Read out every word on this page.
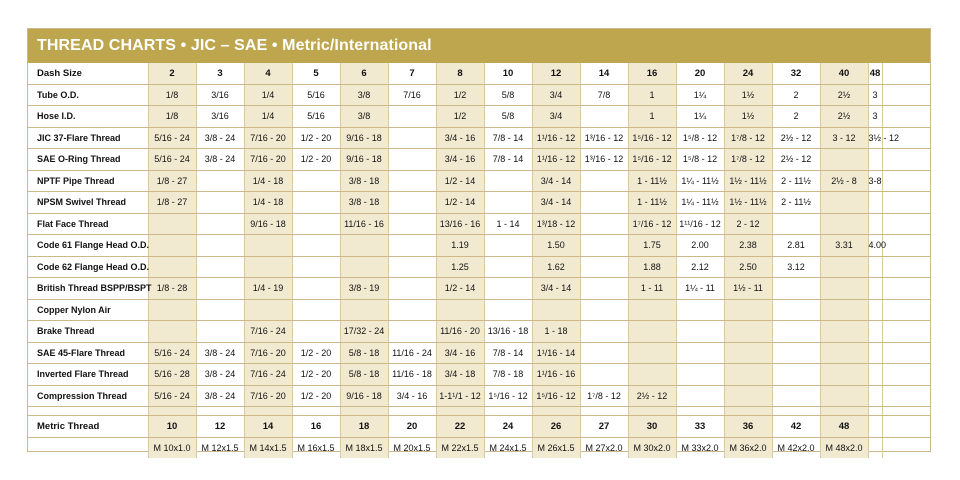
THREAD CHARTS • JIC – SAE • Metric/International
Dash Size	2	3	4	5	6	7	8	10	12	14	16	20	24	32	40	48	
Tube O.D.	1/8	3/16	1/4	5/16	3/8	7/16	1/2	5/8	3/4	7/8	1	1¼	1½	2	2½	3	
Hose I.D.	1/8	3/16	1/4	5/16	3/8		1/2	5/8	3/4		1	1¼	1½	2	2½	3	
JIC 37-Flare Thread	5/16 - 24	3/8 - 24	7/16 - 20	1/2 - 20	9/16 - 18		3/4 - 16	7/8 - 14	1¹/16 - 12	1³/16 - 12	1⁵/16 - 12	1⁵/8 - 12	1⁷/8 - 12	2½ - 12	3 - 12	3½ - 12	
SAE O-Ring Thread	5/16 - 24	3/8 - 24	7/16 - 20	1/2 - 20	9/16 - 18		3/4 - 16	7/8 - 14	1¹/16 - 12	1³/16 - 12	1⁵/16 - 12	1⁵/8 - 12	1⁷/8 - 12	2½ - 12			
NPTF Pipe Thread	1/8 - 27		1/4 - 18		3/8 - 18		1/2 - 14		3/4 - 14		1 - 11½	1¼ - 11½	1½ - 11½	2 - 11½	2½ - 8	3-8	
NPSM Swivel Thread	1/8 - 27		1/4 - 18		3/8 - 18		1/2 - 14		3/4 - 14		1 - 11½	1¼ - 11½	1½ - 11½	2 - 11½			
Flat Face Thread			9/16 - 18		11/16 - 16		13/16 - 16	1 - 14	1³/18 - 12		1⁷/16 - 12	1¹¹/16 - 12	2 - 12				
Code 61 Flange Head O.D.							1.19		1.50		1.75	2.00	2.38	2.81	3.31	4.00	
Code 62 Flange Head O.D.							1.25		1.62		1.88	2.12	2.50	3.12			
British Thread BSPP/BSPT	1/8 - 28		1/4 - 19		3/8 - 19		1/2 - 14		3/4 - 14		1 - 11	1¼ - 11	1½ - 11				
Copper Nylon Air																	
Brake Thread			7/16 - 24		17/32 - 24		11/16 - 20	13/16 - 18	1 - 18								
SAE 45-Flare Thread	5/16 - 24	3/8 - 24	7/16 - 20	1/2 - 20	5/8 - 18	11/16 - 24	3/4 - 16	7/8 - 14	1¹/16 - 14								
Inverted Flare Thread	5/16 - 28	3/8 - 24	7/16 - 24	1/2 - 20	5/8 - 18	11/16 - 18	3/4 - 18	7/8 - 18	1¹/16 - 16								
Compression Thread	5/16 - 24	3/8 - 24	7/16 - 20	1/2 - 20	9/16 - 18	3/4 - 16	1-1¹/1 - 12	1⁵/16 - 12	1⁵/16 - 12	1⁷/8 - 12	2½ - 12						

Metric Thread	10	12	14	16	18	20	22	24	26	27	30	33	36	42	48		
	M 10x1.0	M 12x1.5	M 14x1.5	M 16x1.5	M 18x1.5	M 20x1.5	M 22x1.5	M 24x1.5	M 26x1.5	M 27x2.0	M 30x2.0	M 33x2.0	M 36x2.0	M 42x2.0	M 48x2.0		
